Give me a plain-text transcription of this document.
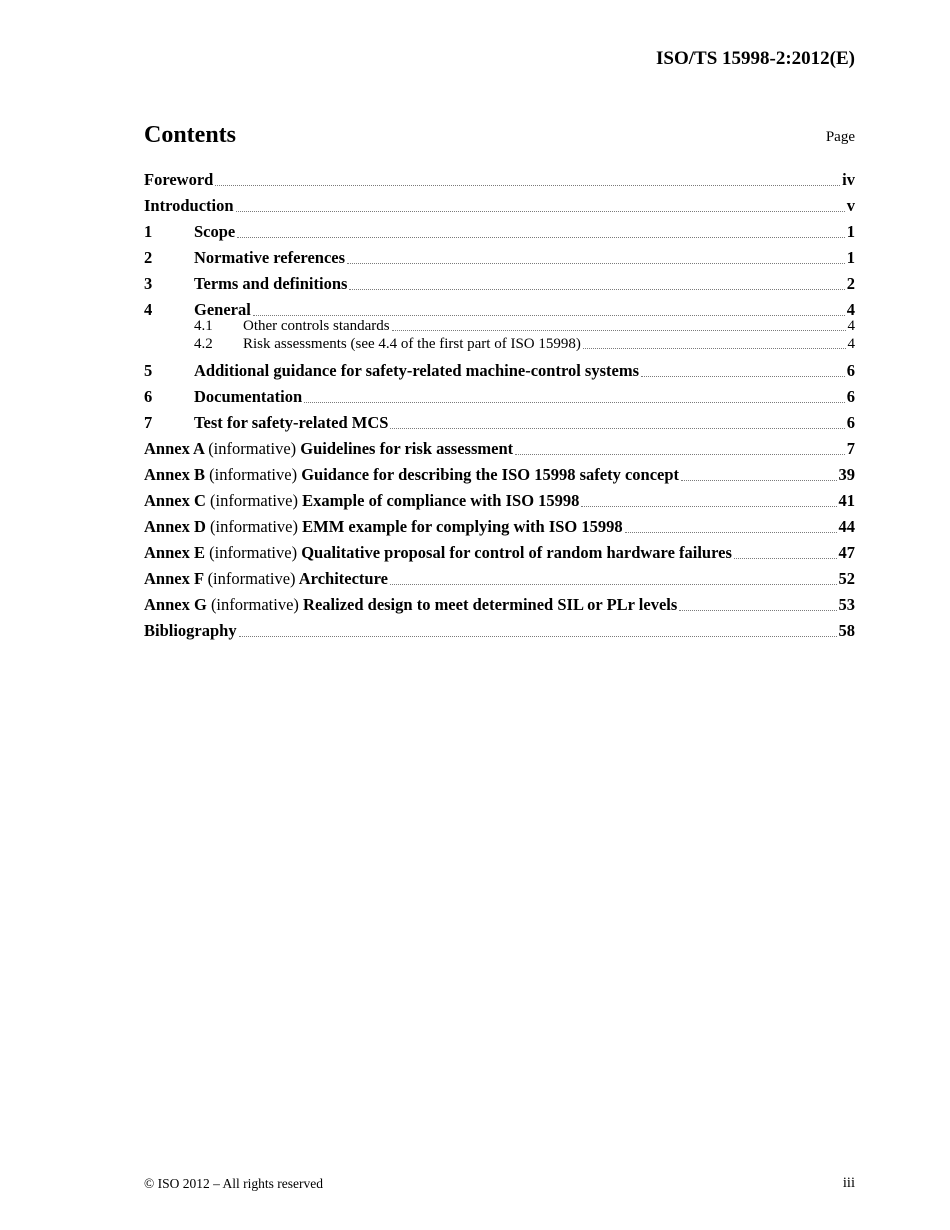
ISO/TS 15998-2:2012(E)
Contents	Page
Foreword	iv
Introduction	v
1	Scope	1
2	Normative references	1
3	Terms and definitions	2
4	General	4
4.1	Other controls standards	4
4.2	Risk assessments (see 4.4 of the first part of ISO 15998)	4
5	Additional guidance for safety-related machine-control systems	6
6	Documentation	6
7	Test for safety-related MCS	6
Annex A (informative) Guidelines for risk assessment	7
Annex B (informative) Guidance for describing the ISO 15998 safety concept	39
Annex C (informative) Example of compliance with ISO 15998	41
Annex D (informative) EMM example for complying with ISO 15998	44
Annex E (informative) Qualitative proposal for control of random hardware failures	47
Annex F (informative) Architecture	52
Annex G (informative) Realized design to meet determined SIL or PLr levels	53
Bibliography	58
© ISO 2012 – All rights reserved	iii
